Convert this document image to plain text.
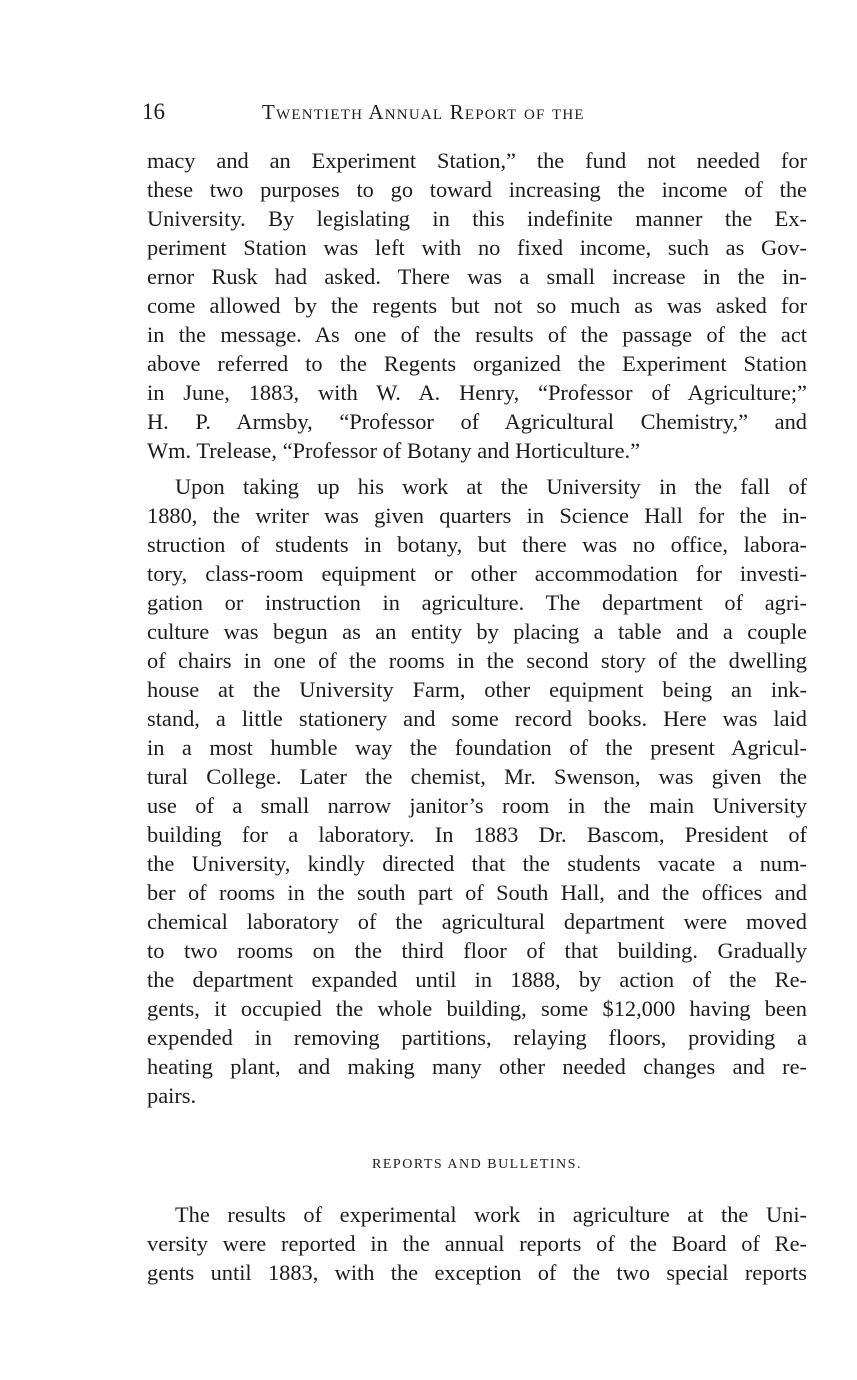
16	Twentieth Annual Report of the
macy and an Experiment Station,” the fund not needed for
these two purposes to go toward increasing the income of the
University. By legislating in this indefinite manner the Ex-
periment Station was left with no fixed income, such as Gov-
ernor Rusk had asked. There was a small increase in the in-
come allowed by the regents but not so much as was asked for
in the message. As one of the results of the passage of the act
above referred to the Regents organized the Experiment Station
in June, 1883, with W. A. Henry, “Professor of Agriculture;”
H. P. Armsby, “Professor of Agricultural Chemistry,” and
Wm. Trelease, “Professor of Botany and Horticulture.”
Upon taking up his work at the University in the fall of
1880, the writer was given quarters in Science Hall for the in-
struction of students in botany, but there was no office, labora-
tory, class-room equipment or other accommodation for investi-
gation or instruction in agriculture. The department of agri-
culture was begun as an entity by placing a table and a couple
of chairs in one of the rooms in the second story of the dwelling
house at the University Farm, other equipment being an ink-
stand, a little stationery and some record books. Here was laid
in a most humble way the foundation of the present Agricul-
tural College. Later the chemist, Mr. Swenson, was given the
use of a small narrow janitor’s room in the main University
building for a laboratory. In 1883 Dr. Bascom, President of
the University, kindly directed that the students vacate a num-
ber of rooms in the south part of South Hall, and the offices and
chemical laboratory of the agricultural department were moved
to two rooms on the third floor of that building. Gradually
the department expanded until in 1888, by action of the Re-
gents, it occupied the whole building, some $12,000 having been
expended in removing partitions, relaying floors, providing a
heating plant, and making many other needed changes and re-
pairs.
REPORTS AND BULLETINS.
The results of experimental work in agriculture at the Uni-
versity were reported in the annual reports of the Board of Re-
gents until 1883, with the exception of the two special reports
